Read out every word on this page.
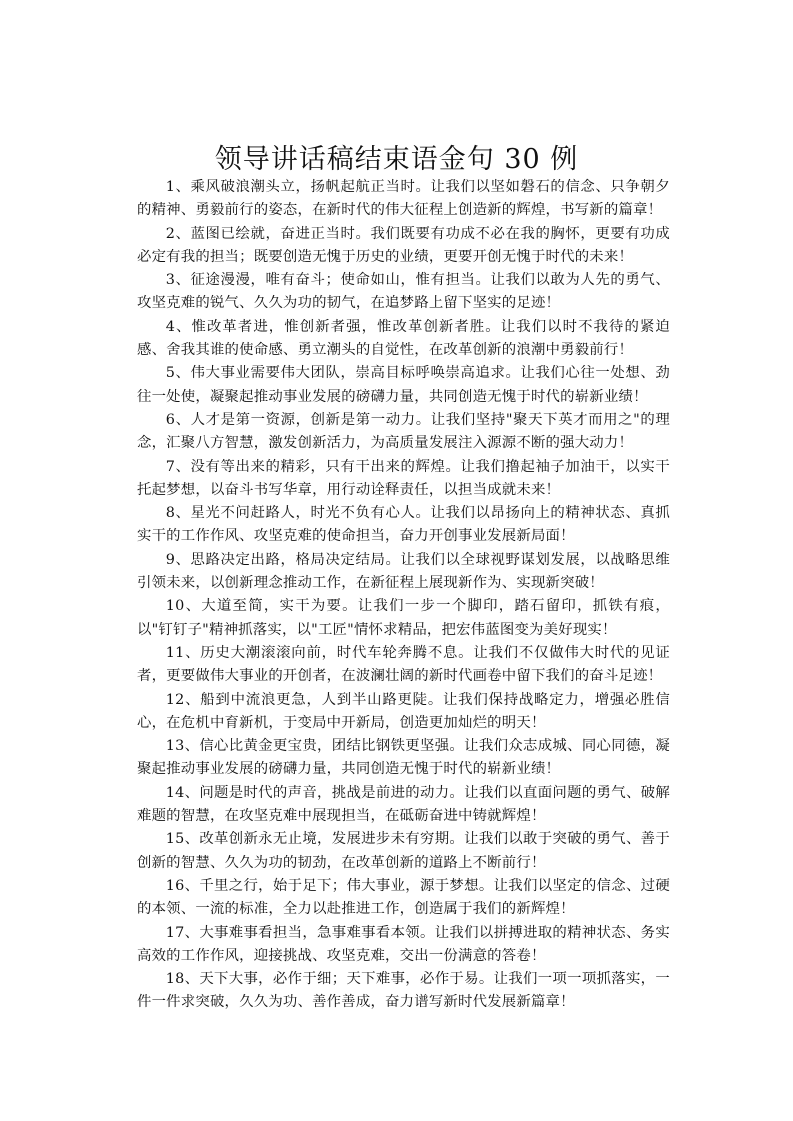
领导讲话稿结束语金句 30 例

1、乘风破浪潮头立，扬帆起航正当时。让我们以坚如磐石的信念、只争朝夕的精神、勇毅前行的姿态，在新时代的伟大征程上创造新的辉煌，书写新的篇章！

2、蓝图已绘就，奋进正当时。我们既要有功成不必在我的胸怀，更要有功成必定有我的担当；既要创造无愧于历史的业绩，更要开创无愧于时代的未来！

3、征途漫漫，唯有奋斗；使命如山，惟有担当。让我们以敢为人先的勇气、攻坚克难的锐气、久久为功的韧气，在追梦路上留下坚实的足迹！

4、惟改革者进，惟创新者强，惟改革创新者胜。让我们以时不我待的紧迫感、舍我其谁的使命感、勇立潮头的自觉性，在改革创新的浪潮中勇毅前行！

5、伟大事业需要伟大团队，崇高目标呼唤崇高追求。让我们心往一处想、劲往一处使，凝聚起推动事业发展的磅礴力量，共同创造无愧于时代的崭新业绩！

6、人才是第一资源，创新是第一动力。让我们坚持"聚天下英才而用之"的理念，汇聚八方智慧，激发创新活力，为高质量发展注入源源不断的强大动力！

7、没有等出来的精彩，只有干出来的辉煌。让我们撸起袖子加油干，以实干托起梦想，以奋斗书写华章，用行动诠释责任，以担当成就未来！

8、星光不问赶路人，时光不负有心人。让我们以昂扬向上的精神状态、真抓实干的工作作风、攻坚克难的使命担当，奋力开创事业发展新局面！

9、思路决定出路，格局决定结局。让我们以全球视野谋划发展，以战略思维引领未来，以创新理念推动工作，在新征程上展现新作为、实现新突破！

10、大道至简，实干为要。让我们一步一个脚印，踏石留印，抓铁有痕，以"钉钉子"精神抓落实，以"工匠"情怀求精品，把宏伟蓝图变为美好现实！

11、历史大潮滚滚向前，时代车轮奔腾不息。让我们不仅做伟大时代的见证者，更要做伟大事业的开创者，在波澜壮阔的新时代画卷中留下我们的奋斗足迹！

12、船到中流浪更急，人到半山路更陡。让我们保持战略定力，增强必胜信心，在危机中育新机，于变局中开新局，创造更加灿烂的明天！

13、信心比黄金更宝贵，团结比钢铁更坚强。让我们众志成城、同心同德，凝聚起推动事业发展的磅礴力量，共同创造无愧于时代的崭新业绩！

14、问题是时代的声音，挑战是前进的动力。让我们以直面问题的勇气、破解难题的智慧，在攻坚克难中展现担当，在砥砺奋进中铸就辉煌！

15、改革创新永无止境，发展进步未有穷期。让我们以敢于突破的勇气、善于创新的智慧、久久为功的韧劲，在改革创新的道路上不断前行！

16、千里之行，始于足下；伟大事业，源于梦想。让我们以坚定的信念、过硬的本领、一流的标准，全力以赴推进工作，创造属于我们的新辉煌！

17、大事难事看担当，急事难事看本领。让我们以拼搏进取的精神状态、务实高效的工作作风，迎接挑战、攻坚克难，交出一份满意的答卷！

18、天下大事，必作于细；天下难事，必作于易。让我们一项一项抓落实，一件一件求突破，久久为功、善作善成，奋力谱写新时代发展新篇章！
